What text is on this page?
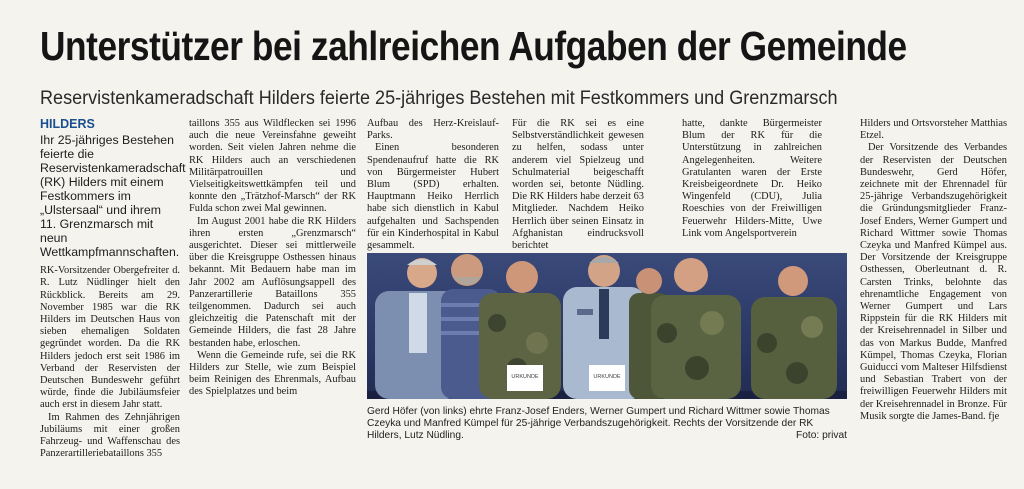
Unterstützer bei zahlreichen Aufgaben der Gemeinde
Reservistenkameradschaft Hilders feierte 25-jähriges Bestehen mit Festkommers und Grenzmarsch
HILDERS
Ihr 25-jähriges Bestehen feierte die Reservistenkameradschaft (RK) Hilders mit einem Festkommers im „Ulstersaal“ und ihrem 11. Grenzmarsch mit neun Wettkampfmannschaften.

RK-Vorsitzender Obergefreiter d. R. Lutz Nüdlinger hielt den Rückblick. Bereits am 29. November 1985 war die RK Hilders im Deutschen Haus von sieben ehemaligen Soldaten gegründet worden. Da die RK Hilders jedoch erst seit 1986 im Verband der Reservisten der Deutschen Bundeswehr geführt würde, finde die Jubiläumsfeier auch erst in diesem Jahr statt.

Im Rahmen des Zehnjährigen Jubiläums mit einer großen Fahrzeug- und Waffenschau des Panzerartilleriebataillons 355

taillons 355 aus Wildflecken sei 1996 auch die neue Vereinsfahne geweiht worden. Seit vielen Jahren nehme die RK Hilders auch an verschiedenen Militärpatrouillen und Vielseitigkeitswettkämpfen teil und konnte den „Trätzhof-Marsch“ der RK Fulda schon zwei Mal gewinnen.

Im August 2001 habe die RK Hilders ihren ersten „Grenzmarsch“ ausgerichtet. Dieser sei mittlerweile über die Kreisgruppe Osthessen hinaus bekannt. Mit Bedauern habe man im Jahr 2002 am Auflösungsappell des Panzerartillerie Bataillons 355 teilgenommen. Dadurch sei auch gleichzeitig die Patenschaft mit der Gemeinde Hilders, die fast 28 Jahre bestanden habe, erloschen.

Wenn die Gemeinde rufe, sei die RK Hilders zur Stelle, wie zum Beispiel beim Reinigen des Ehrenmals, Aufbau des Spielplatzes und beim

Aufbau des Herz-Kreislauf-Parks.

Einen besonderen Spendenaufruf hatte die RK von Bürgermeister Hubert Blum (SPD) erhalten. Hauptmann Heiko Herrlich habe sich dienstlich in Kabul aufgehalten und Sachspenden für ein Kinderhospital in Kabul gesammelt.

Für die RK sei es eine Selbstverständlichkeit gewesen zu helfen, sodass unter anderem viel Spielzeug und Schulmaterial beigeschafft worden sei, betonte Nüdling. Die RK Hilders habe derzeit 63 Mitglieder. Nachdem Heiko Herrlich über seinen Einsatz in Afghanistan eindrucksvoll berichtet

hatte, dankte Bürgermeister Blum der RK für die Unterstützung in zahlreichen Angelegenheiten. Weitere Gratulanten waren der Erste Kreisbeigeordnete Dr. Heiko Wingenfeld (CDU), Julia Roeschies von der Freiwilligen Feuerwehr Hilders-Mitte, Uwe Link vom Angelsportverein

Hilders und Ortsvorsteher Matthias Etzel.

Der Vorsitzende des Verbandes der Reservisten der Deutschen Bundeswehr, Gerd Höfer, zeichnete mit der Ehrennadel für 25-jährige Verbandszugehörigkeit die Gründungsmitglieder Franz-Josef Enders, Werner Gumpert und Richard Wittmer sowie Thomas Czeyka und Manfred Kümpel aus. Der Vorsitzende der Kreisgruppe Osthessen, Oberleutnant d. R. Carsten Trinks, belohnte das ehrenamtliche Engagement von Werner Gumpert und Lars Rippstein für die RK Hilders mit der Kreisehrennadel in Silber und das von Markus Budde, Manfred Kümpel, Thomas Czeyka, Florian Guiducci vom Malteser Hilfsdienst und Sebastian Trabert von der freiwilligen Feuerwehr Hilders mit der Kreisehrennadel in Bronze. Für Musik sorgte die James-Band. fje

URKUNDE	URKUNDE
Gerd Höfer (von links) ehrte Franz-Josef Enders, Werner Gumpert und Richard Wittmer sowie Thomas Czeyka und Manfred Kümpel für 25-jährige Verbandszugehörigkeit. Rechts der Vorsitzende der RK Hilders, Lutz Nüdling.	Foto: privat
